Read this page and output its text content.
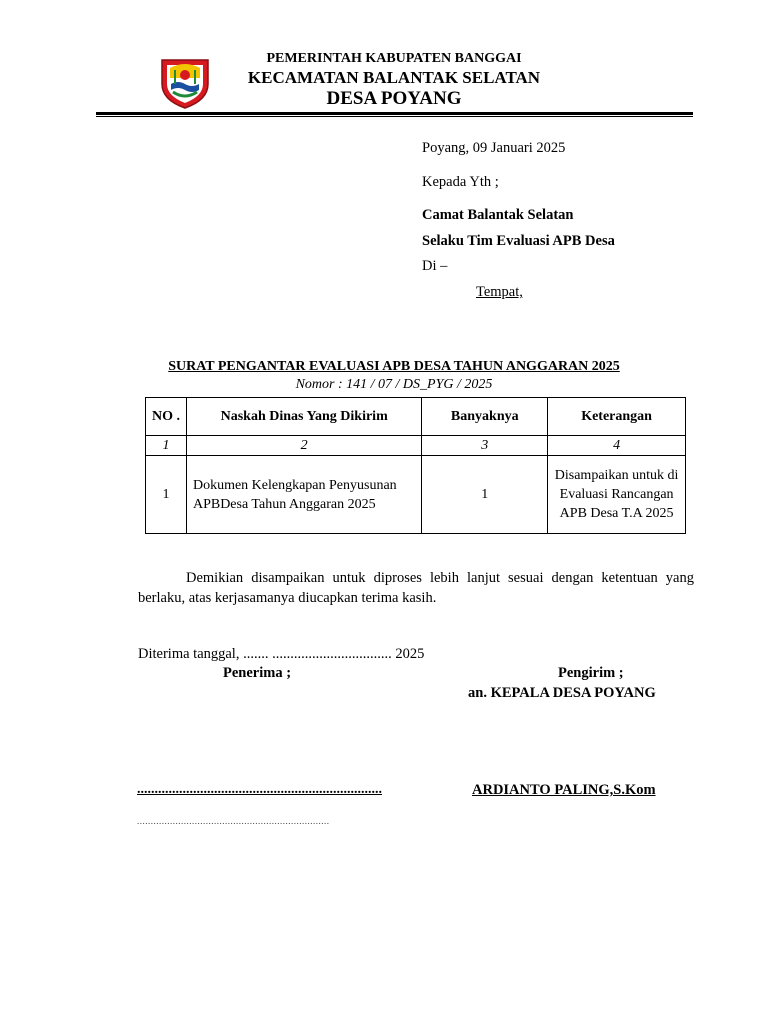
PEMERINTAH KABUPATEN BANGGAI
KECAMATAN BALANTAK SELATAN
DESA POYANG
Poyang, 09 Januari 2025
Kepada Yth ;
Camat Balantak Selatan
Selaku Tim Evaluasi APB Desa
Di –
Tempat,
SURAT PENGANTAR EVALUASI APB DESA TAHUN ANGGARAN 2025
Nomor : 141 / 07 / DS_PYG / 2025
NO .	Naskah Dinas Yang Dikirim	Banyaknya	Keterangan
1	2	3	4
1	Dokumen Kelengkapan Penyusunan APBDesa Tahun Anggaran 2025	1	Disampaikan untuk di Evaluasi Rancangan APB Desa T.A 2025
Demikian disampaikan untuk diproses lebih lanjut sesuai dengan ketentuan yang berlaku, atas kerjasamanya diucapkan terima kasih.
Diterima tanggal, ....... ................................. 2025
Penerima ;	Pengirim ;
an. KEPALA DESA POYANG
......................................................................	ARDIANTO PALING,S.Kom
......................................................................
